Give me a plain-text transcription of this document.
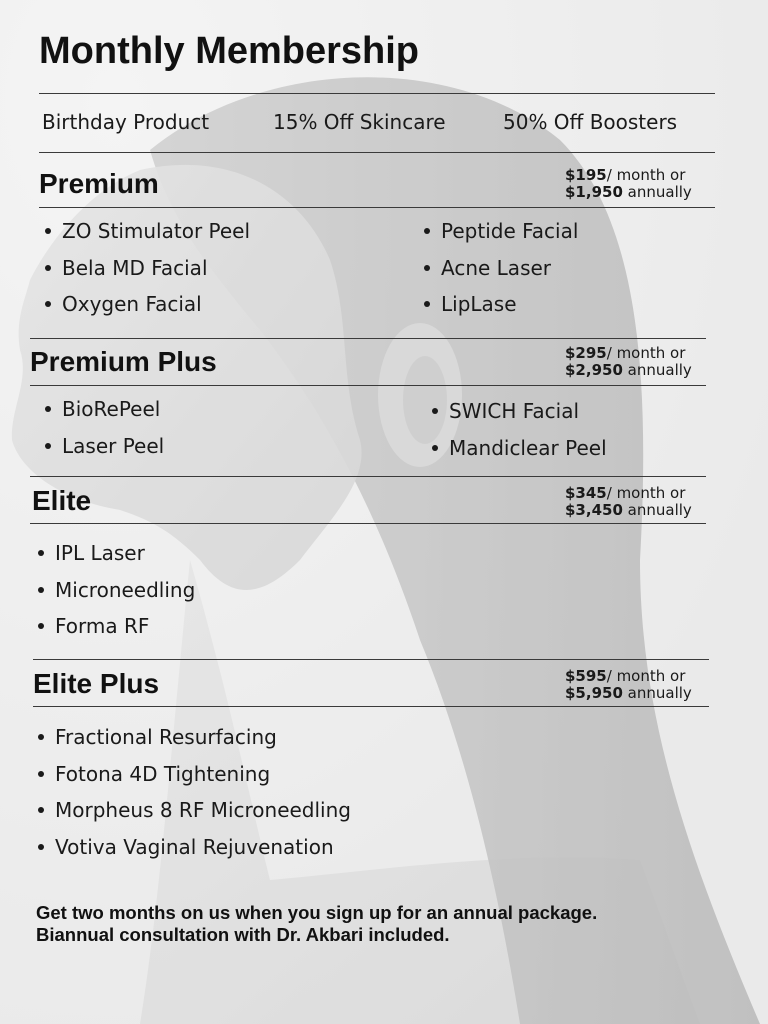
Monthly Membership
Birthday Product	15% Off Skincare	50% Off Boosters
Premium	$195/ month or
$1,950 annually
ZO Stimulator Peel
Bela MD Facial
Oxygen Facial
Peptide Facial
Acne Laser
LipLase
Premium Plus	$295/ month or
$2,950 annually
BioRePeel
Laser Peel
SWICH Facial
Mandiclear Peel
Elite	$345/ month or
$3,450 annually
IPL Laser
Microneedling
Forma RF
Elite Plus	$595/ month or
$5,950 annually
Fractional Resurfacing
Fotona 4D Tightening
Morpheus 8 RF Microneedling
Votiva Vaginal Rejuvenation
Get two months on us when you sign up for an annual package.
Biannual consultation with Dr. Akbari included.
